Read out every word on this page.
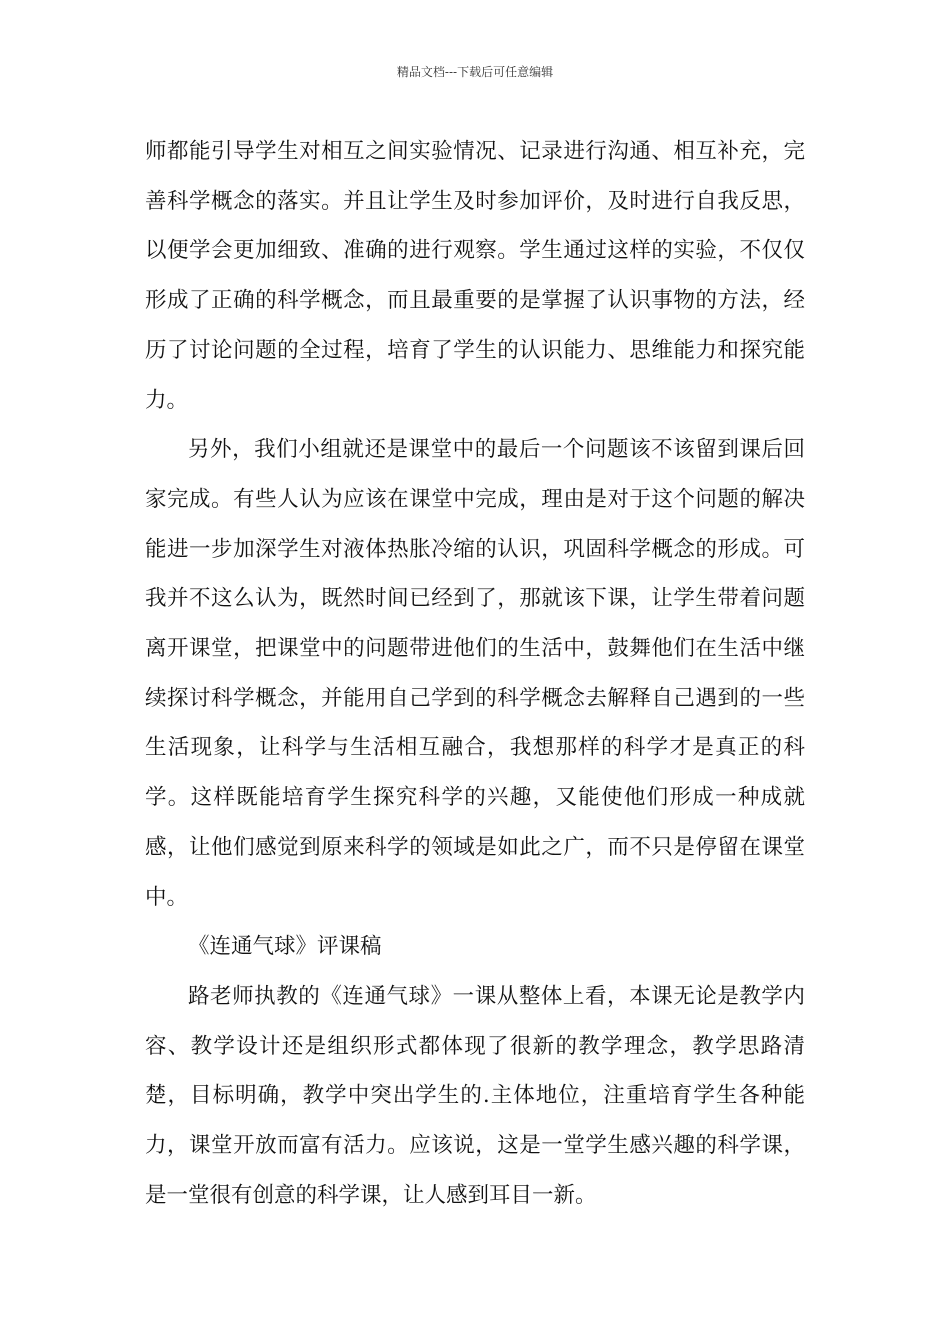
精品文档---下载后可任意编辑

师都能引导学生对相互之间实验情况、记录进行沟通、相互补充，完善科学概念的落实。并且让学生及时参加评价，及时进行自我反思，以便学会更加细致、准确的进行观察。学生通过这样的实验，不仅仅形成了正确的科学概念，而且最重要的是掌握了认识事物的方法，经历了讨论问题的全过程，培育了学生的认识能力、思维能力和探究能力。

另外，我们小组就还是课堂中的最后一个问题该不该留到课后回家完成。有些人认为应该在课堂中完成，理由是对于这个问题的解决能进一步加深学生对液体热胀冷缩的认识，巩固科学概念的形成。可我并不这么认为，既然时间已经到了，那就该下课，让学生带着问题离开课堂，把课堂中的问题带进他们的生活中，鼓舞他们在生活中继续探讨科学概念，并能用自己学到的科学概念去解释自己遇到的一些生活现象，让科学与生活相互融合，我想那样的科学才是真正的科学。这样既能培育学生探究科学的兴趣，又能使他们形成一种成就感，让他们感觉到原来科学的领域是如此之广，而不只是停留在课堂中。

《连通气球》评课稿

路老师执教的《连通气球》一课从整体上看，本课无论是教学内容、教学设计还是组织形式都体现了很新的教学理念，教学思路清楚，目标明确，教学中突出学生的.主体地位，注重培育学生各种能力，课堂开放而富有活力。应该说，这是一堂学生感兴趣的科学课，是一堂很有创意的科学课，让人感到耳目一新。
